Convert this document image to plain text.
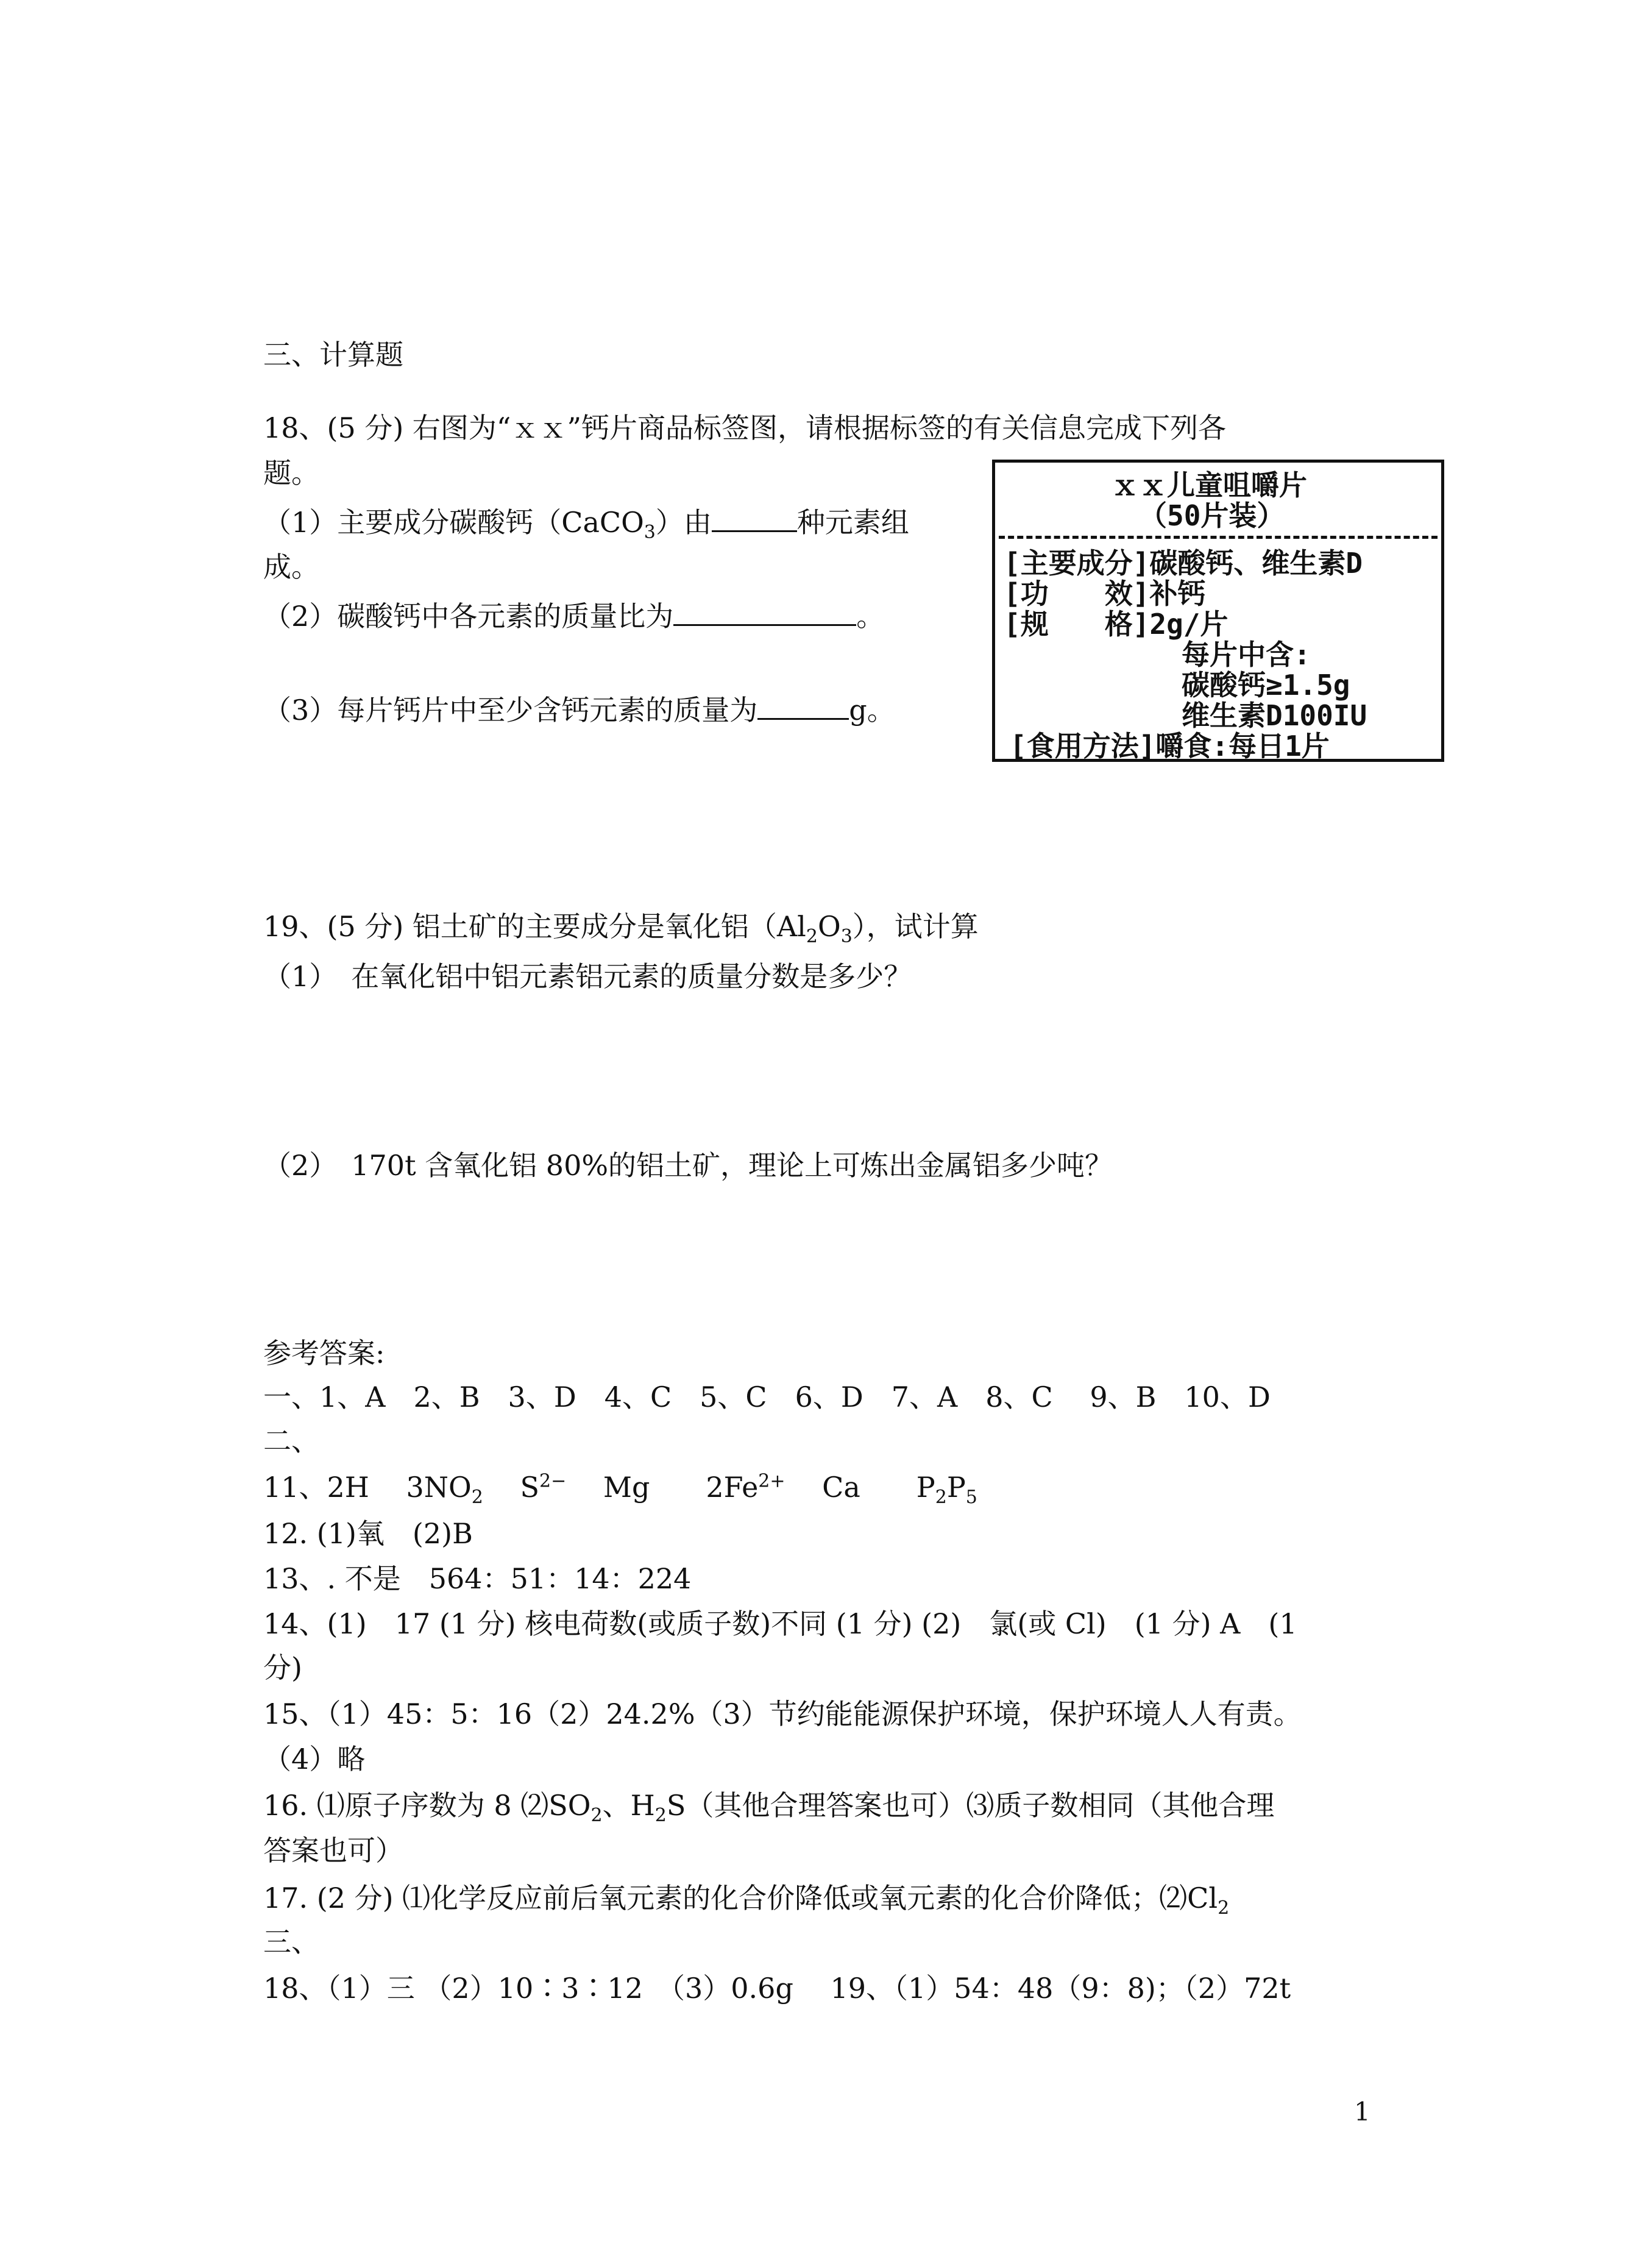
三、计算题
18、(5 分) 右图为“ｘｘ”钙片商品标签图，请根据标签的有关信息完成下列各
题。
（1）主要成分碳酸钙（CaCO$_3$）由	种元素组
成。
（2）碳酸钙中各元素的质量比为	。
（3）每片钙片中至少含钙元素的质量为	g。
ｘｘ儿童咀嚼片
（50片装）
[主要成分]碳酸钙、维生素D
[功　　效]补钙
[规　　格]2g/片
每片中含:
碳酸钙≥1.5g
维生素D100IU
[食用方法]嚼食:每日1片
19、(5 分) 铝土矿的主要成分是氧化铝$(Al_2O_3)$，试计算
（1）　在氧化铝中铝元素铝元素的质量分数是多少？
（2）　170t 含氧化铝 80%的铝土矿，理论上可炼出金属铝多少吨？
参考答案:
一、1、A　2、B　3、D　4、C　5、C　6、D　7、A　8、C　 9、B　10、D
二、
11、2H　 $3NO_2$　 $S^{2-}$　 Mg　　$2Fe^{2+}$　 Ca　　$P_2P_5$
12. (1)氧　(2)B
13、. 不是　564：51：14：224
14、(1)　17 (1 分) 核电荷数(或质子数)不同 (1 分) (2)　氯(或 Cl)　(1 分) A　(1
分)
15、（1）45：5：16（2）24.2%（3）节约能能源保护环境，保护环境人人有责。
（4）略
16. ⑴原子序数为 8 $⑵SO_2$、$H_2S$（其他合理答案也可）⑶质子数相同（其他合理
答案也可）
17. (2 分) ⑴化学反应前后氧元素的化合价降低或氧元素的化合价降低；$⑵Cl_2$
三、
18、（1）三 （2）10∶3∶12　（3）0.6g　 19、（1）54：48（9：8)；（2）72t
1
